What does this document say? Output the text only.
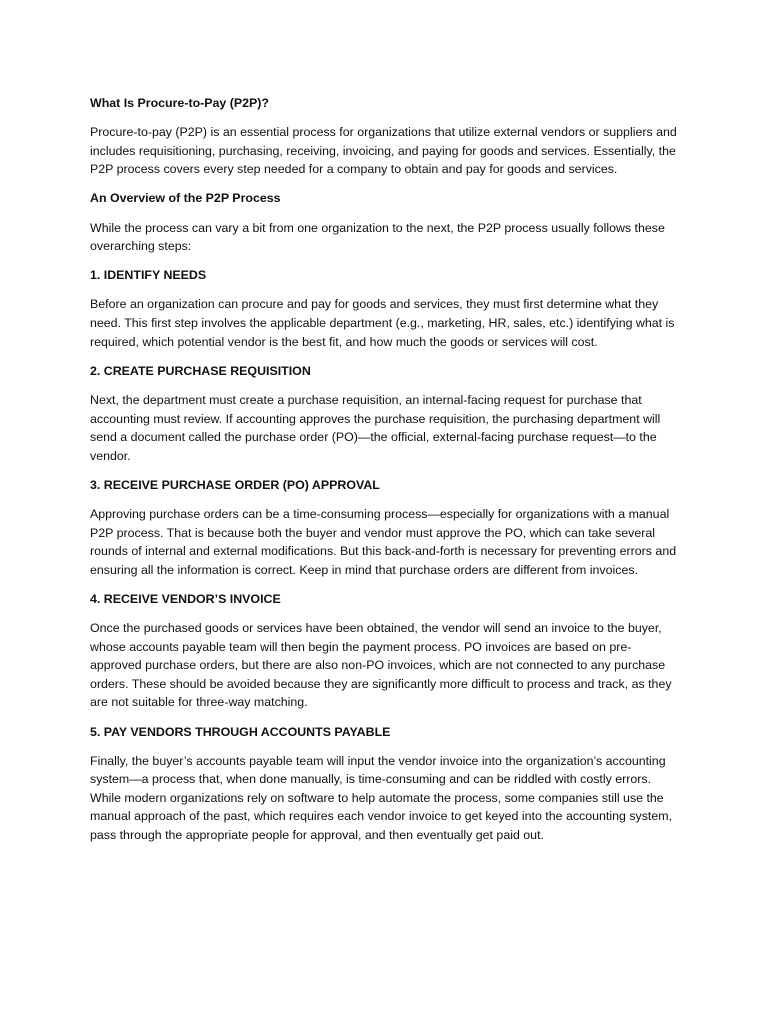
What Is Procure-to-Pay (P2P)?

Procure-to-pay (P2P) is an essential process for organizations that utilize external vendors or suppliers and includes requisitioning, purchasing, receiving, invoicing, and paying for goods and services. Essentially, the P2P process covers every step needed for a company to obtain and pay for goods and services.

An Overview of the P2P Process

While the process can vary a bit from one organization to the next, the P2P process usually follows these overarching steps:

1. IDENTIFY NEEDS

Before an organization can procure and pay for goods and services, they must first determine what they need. This first step involves the applicable department (e.g., marketing, HR, sales, etc.) identifying what is required, which potential vendor is the best fit, and how much the goods or services will cost.

2. CREATE PURCHASE REQUISITION

Next, the department must create a purchase requisition, an internal-facing request for purchase that accounting must review. If accounting approves the purchase requisition, the purchasing department will send a document called the purchase order (PO)—the official, external-facing purchase request—to the vendor.

3. RECEIVE PURCHASE ORDER (PO) APPROVAL

Approving purchase orders can be a time-consuming process—especially for organizations with a manual P2P process. That is because both the buyer and vendor must approve the PO, which can take several rounds of internal and external modifications. But this back-and-forth is necessary for preventing errors and ensuring all the information is correct. Keep in mind that purchase orders are different from invoices.

4. RECEIVE VENDOR’S INVOICE

Once the purchased goods or services have been obtained, the vendor will send an invoice to the buyer, whose accounts payable team will then begin the payment process. PO invoices are based on pre-approved purchase orders, but there are also non-PO invoices, which are not connected to any purchase orders. These should be avoided because they are significantly more difficult to process and track, as they are not suitable for three-way matching.

5. PAY VENDORS THROUGH ACCOUNTS PAYABLE

Finally, the buyer’s accounts payable team will input the vendor invoice into the organization’s accounting system—a process that, when done manually, is time-consuming and can be riddled with costly errors. While modern organizations rely on software to help automate the process, some companies still use the manual approach of the past, which requires each vendor invoice to get keyed into the accounting system, pass through the appropriate people for approval, and then eventually get paid out.
